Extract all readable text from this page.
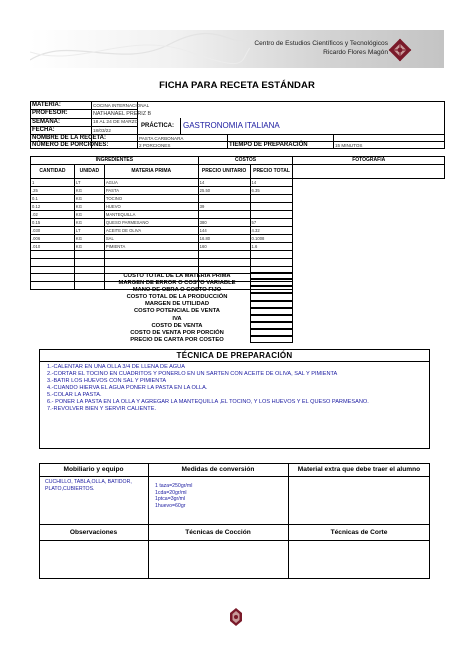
Centro de Estudios Científicos y Tecnológicos
Ricardo Flores Magón
FICHA PARA RECETA ESTÁNDAR
MATERIA:	COCINA INTERNACIONAL
PROFESOR:	NATHANAEL PRERIZ B
SEMANA:	18 AL 24 DE MARZO
FECHA:	18/03/22
PRÁCTICA: GASTRONOMIA ITALIANA
NOMBRE DE LA RECETA:	PASTA CARBONARA
NÚMERO DE PORCIONES:	2 PORCIONES	TIEMPO DE PREPARACIÓN	15 MINUTOS
INGREDIENTES			COSTOS		FOTOGRAFÍA
CANTIDAD	UNIDAD	MATERIA PRIMA	PRECIO UNITARIO	PRECIO TOTAL	
1	LT	AGUA	14	14	
.25	KG	PASTA	25.50	6.35	
0.1	KG	TOCINO			
0.12	KG	HUEVO	39		
.02	KG	MANTEQUILLA			
0.15	KG	QUESO PARMESANO	380	57	
.030	LT	ACEITE DE OLIVA	144	4.32	
.006	KG	SAL	16.80	0.1008	
.010	KG	PIMIENTA	160	1.6	

COSTO TOTAL DE LA MATERIA PRIMA
MARGEN DE ERROR O COSTO VARIABLE
MANO DE OBRA O COSTO FIJO
COSTO TOTAL DE LA PRODUCCIÓN
MARGEN DE UTILIDAD
COSTO POTENCIAL DE VENTA
IVA
COSTO DE VENTA
COSTO DE VENTA POR PORCIÓN
PRECIO DE CARTA POR COSTEO
TÉCNICA DE PREPARACIÓN
1.-CALENTAR EN UNA OLLA 3/4 DE LLENA DE AGUA
2.-CORTAR EL TOCINO EN CUADRITOS Y PONERLO EN UN SARTEN CON ACEITE DE OLIVA, SAL Y PIMIENTA
3.-BATIR LOS HUEVOS CON SAL Y PIMIENTA
4.-CUANDO HIERVA EL AGUA PONER LA PASTA EN LA OLLA.
5.-COLAR LA PASTA.
6.- PONER LA PASTA EN LA OLLA Y AGREGAR LA MANTEQUILLA ,EL TOCINO, Y LOS HUEVOS Y EL QUESO PARMESANO.
7.-REVOLVER BIEN Y SERVIR CALIENTE.
Mobiliario y equipo	Medidas de conversión	Material extra que debe traer el alumno
CUCHILLO, TABLA,OLLA, BATIDOR, PLATO,CUBIERTOS.	1 taza=250gr/ml
1cda=20gr/ml
1ptca=3gr/ml
1huevo=60gr
Observaciones	Técnicas de Cocción	Técnicas de Corte
